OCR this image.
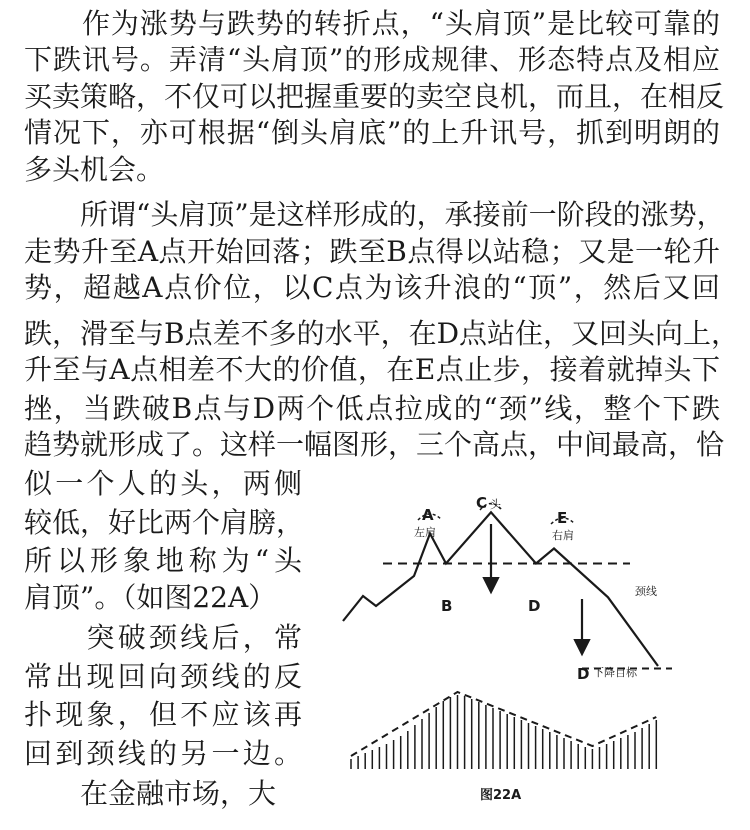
　　作为涨势与跌势的转折点，“头肩顶”是比较可靠的

下跌讯号。弄清“头肩顶”的形成规律、形态特点及相应

买卖策略，不仅可以把握重要的卖空良机，而且，在相反

情况下，亦可根据“倒头肩底”的上升讯号，抓到明朗的

多头机会。

　　所谓“头肩顶”是这样形成的，承接前一阶段的涨势，

走势升至A点开始回落；跌至B点得以站稳；又是一轮升

势，超越A点价位，以C点为该升浪的“顶”，然后又回

跌，滑至与B点差不多的水平，在D点站住，又回头向上，

升至与A点相差不大的价值，在E点止步，接着就掉头下

挫，当跌破B点与D两个低点拉成的“颈”线，整个下跌

趋势就形成了。这样一幅图形，三个高点，中间最高，恰

似一个人的头，两侧

较低，好比两个肩膀，

所以形象地称为“头

肩顶”。（如图22A）

　　突破颈线后，常

常出现回向颈线的反

扑现象，但不应该再

回到颈线的另一边。

　　在金融市场，大

A
左肩
C 头
E
右肩
B	D
颈线
D 下降目标
图22A
